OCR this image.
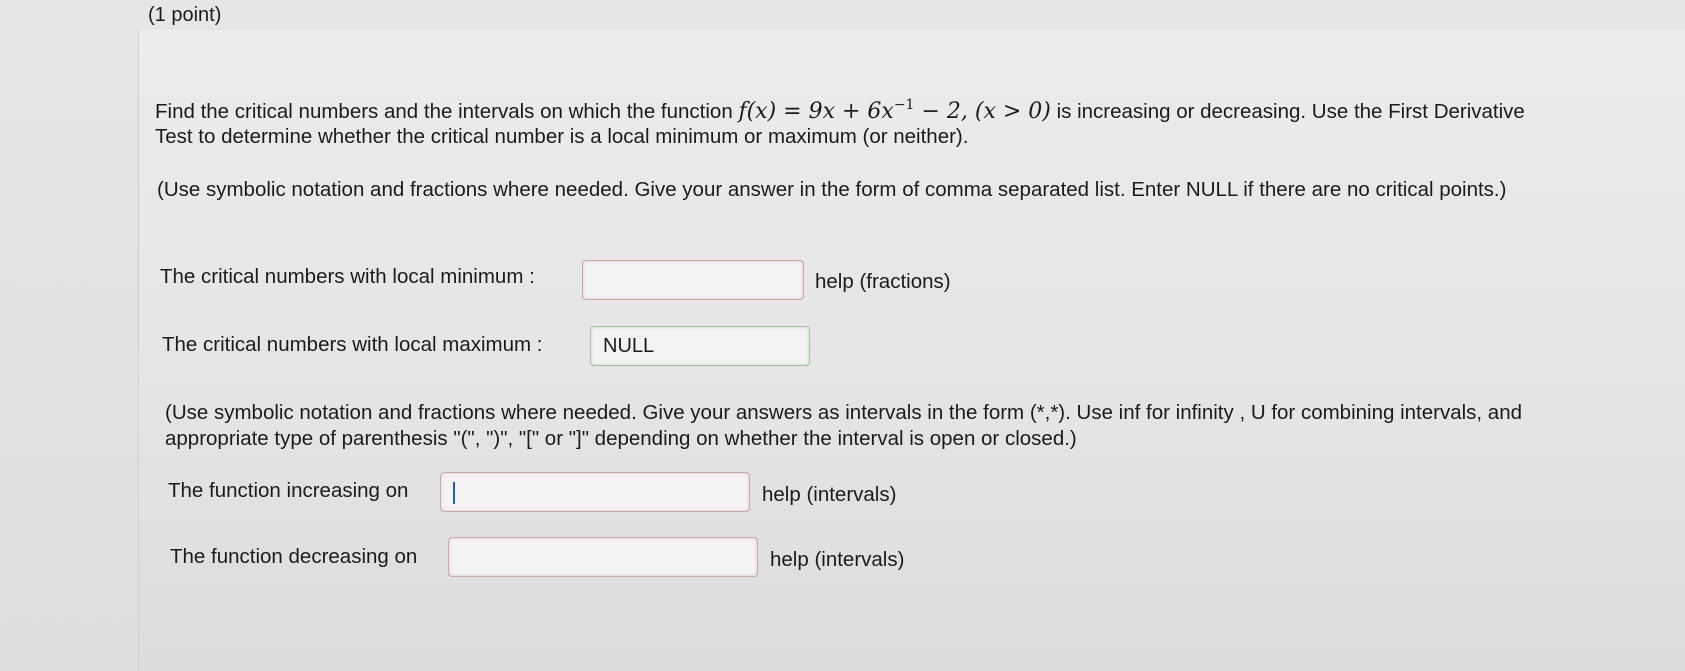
(1 point)
Find the critical numbers and the intervals on which the function $f(x) = 9x + 6x^{-1} - 2$, (x > 0) is increasing or decreasing. Use the First Derivative
Test to determine whether the critical number is a local minimum or maximum (or neither).
(Use symbolic notation and fractions where needed. Give your answer in the form of comma separated list. Enter NULL if there are no critical points.)
The critical numbers with local minimum :	help (fractions)
The critical numbers with local maximum :	NULL
(Use symbolic notation and fractions where needed. Give your answers as intervals in the form (*,*). Use inf for infinity , U for combining intervals, and
appropriate type of parenthesis "(", ")", "[" or "]" depending on whether the interval is open or closed.)
The function increasing on	help (intervals)
The function decreasing on	help (intervals)
